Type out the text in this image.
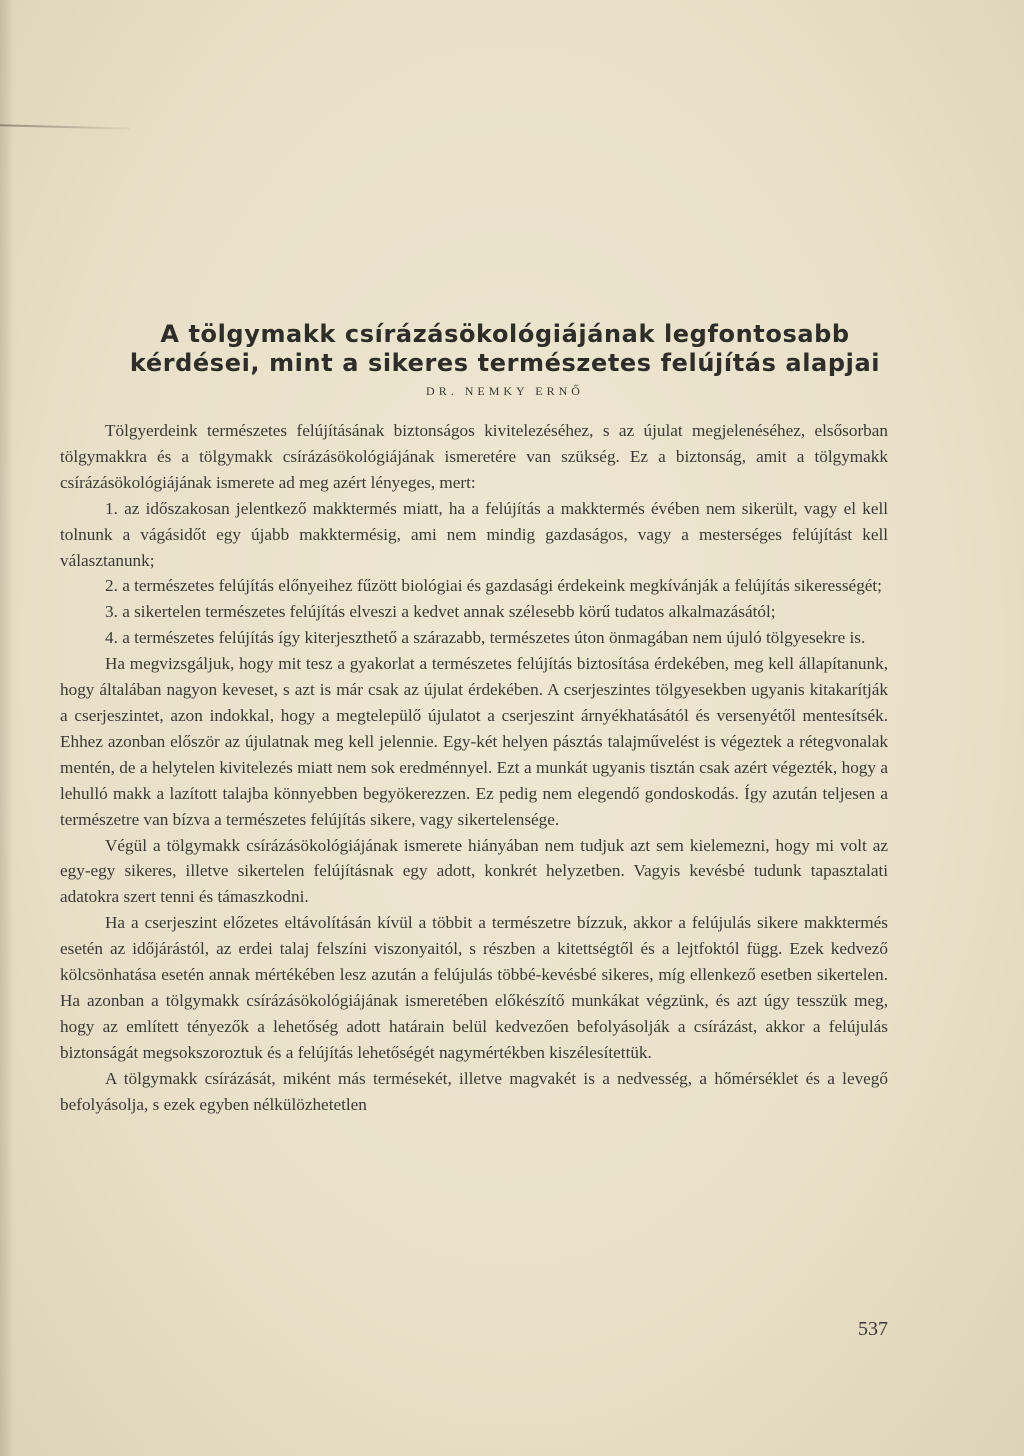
A tölgymakk csírázásökológiájának legfontosabb
kérdései, mint a sikeres természetes felújítás alapjai
DR. NEMKY ERNŐ

Tölgyerdeink természetes felújításának biztonságos kivitelezéséhez, s az újulat megjelenéséhez, elsősorban tölgymakkra és a tölgymakk csírázásökológiájának ismeretére van szükség. Ez a biztonság, amit a tölgymakk csírázásökológiájának ismerete ad meg azért lényeges, mert:

1. az időszakosan jelentkező makktermés miatt, ha a felújítás a makktermés évében nem sikerült, vagy el kell tolnunk a vágásidőt egy újabb makktermésig, ami nem mindig gazdaságos, vagy a mesterséges felújítást kell választanunk;

2. a természetes felújítás előnyeihez fűzött biológiai és gazdasági érdekeink megkívánják a felújítás sikerességét;

3. a sikertelen természetes felújítás elveszi a kedvet annak szélesebb körű tudatos alkalmazásától;

4. a természetes felújítás így kiterjeszthető a szárazabb, természetes úton önmagában nem újuló tölgyesekre is.

Ha megvizsgáljuk, hogy mit tesz a gyakorlat a természetes felújítás biztosítása érdekében, meg kell állapítanunk, hogy általában nagyon keveset, s azt is már csak az újulat érdekében. A cserjeszintes tölgyesekben ugyanis kitakarítják a cserjeszintet, azon indokkal, hogy a megtelepülő újulatot a cserjeszint árnyékhatásától és versenyétől mentesítsék. Ehhez azonban először az újulatnak meg kell jelennie. Egy-két helyen pásztás talajművelést is végeztek a rétegvonalak mentén, de a helytelen kivitelezés miatt nem sok eredménnyel. Ezt a munkát ugyanis tisztán csak azért végezték, hogy a lehulló makk a lazított talajba könnyebben begyökerezzen. Ez pedig nem elegendő gondoskodás. Így azután teljesen a természetre van bízva a természetes felújítás sikere, vagy sikertelensége.

Végül a tölgymakk csírázásökológiájának ismerete hiányában nem tudjuk azt sem kielemezni, hogy mi volt az egy-egy sikeres, illetve sikertelen felújításnak egy adott, konkrét helyzetben. Vagyis kevésbé tudunk tapasztalati adatokra szert tenni és támaszkodni.

Ha a cserjeszint előzetes eltávolításán kívül a többit a természetre bízzuk, akkor a felújulás sikere makktermés esetén az időjárástól, az erdei talaj felszíni viszonyaitól, s részben a kitettségtől és a lejtfoktól függ. Ezek kedvező kölcsönhatása esetén annak mértékében lesz azután a felújulás többé-kevésbé sikeres, míg ellenkező esetben sikertelen. Ha azonban a tölgymakk csírázásökológiájának ismeretében előkészítő munkákat végzünk, és azt úgy tesszük meg, hogy az említett tényezők a lehetőség adott határain belül kedvezően befolyásolják a csírázást, akkor a felújulás biztonságát megsokszoroztuk és a felújítás lehetőségét nagymértékben kiszélesítettük.

A tölgymakk csírázását, miként más termésekét, illetve magvakét is a nedvesség, a hőmérséklet és a levegő befolyásolja, s ezek egyben nélkülözhetetlen

537
